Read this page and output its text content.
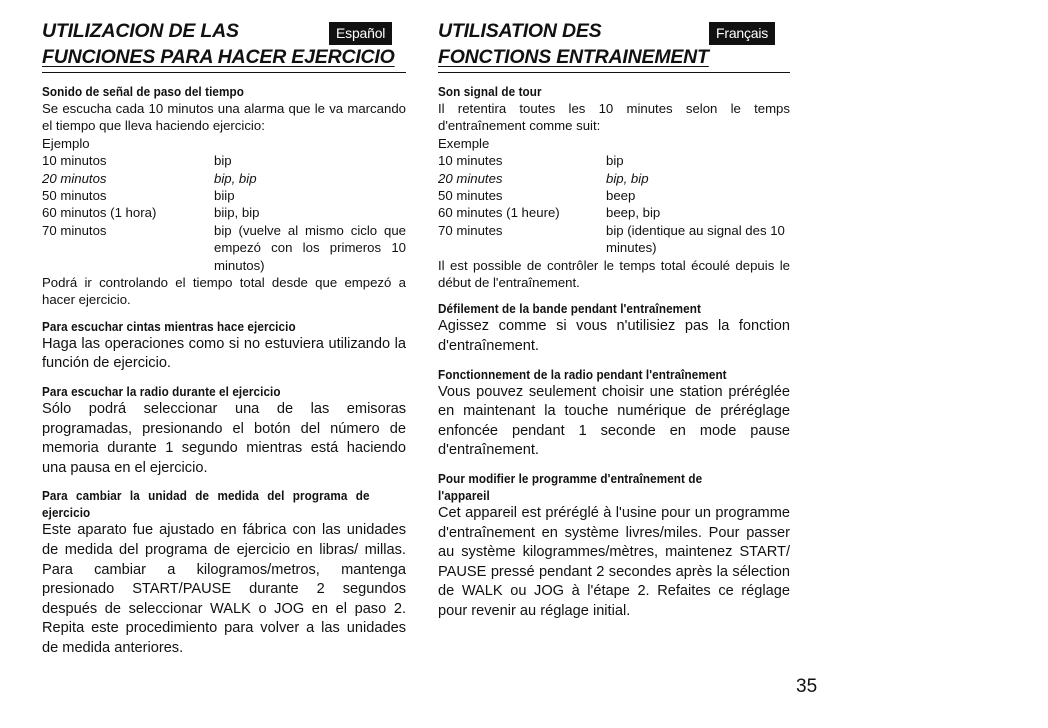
UTILIZACION DE LAS	Español
FUNCIONES PARA HACER EJERCICIO
Sonido de señal de paso del tiempo

Se escucha cada 10 minutos una alarma que le va marcando el tiempo que lleva haciendo ejercicio:

Ejemplo

10 minutos	bip
20 minutos	bip, bip
50 minutos	biip
60 minutos (1 hora)	biip, bip
70 minutos	bip (vuelve al mismo ciclo que empezó con los primeros 10 minutos)

Podrá ir controlando el tiempo total desde que empezó a hacer ejercicio.

Para escuchar cintas mientras hace ejercicio

Haga las operaciones como si no estuviera utilizando la función de ejercicio.

Para escuchar la radio durante el ejercicio

Sólo podrá seleccionar una de las emisoras programadas, presionando el botón del número de memoria durante 1 segundo mientras está haciendo una pausa en el ejercicio.

Para cambiar la unidad de medida del programa de ejercicio

Este aparato fue ajustado en fábrica con las unidades de medida del programa de ejercicio en libras/ millas. Para cambiar a kilogramos/metros, mantenga presionado START/PAUSE durante 2 segundos después de seleccionar WALK o JOG en el paso 2. Repita este procedimiento para volver a las unidades de medida anteriores.

UTILISATION DES	Français
FONCTIONS ENTRAINEMENT
Son signal de tour

Il retentira toutes les 10 minutes selon le temps d'entraînement comme suit:

Exemple

10 minutes	bip
20 minutes	bip, bip
50 minutes	beep
60 minutes (1 heure)	beep, bip
70 minutes	bip (identique au signal des 10 minutes)

Il est possible de contrôler le temps total écoulé depuis le début de l'entraînement.

Défilement de la bande pendant l'entraînement

Agissez comme si vous n'utilisiez pas la fonction d'entraînement.

Fonctionnement de la radio pendant l'entraînement

Vous pouvez seulement choisir une station préréglée en maintenant la touche numérique de préréglage enfoncée pendant 1 seconde en mode pause d'entraînement.

Pour modifier le programme d'entraînement de l'appareil

Cet appareil est préréglé à l'usine pour un programme d'entraînement en système livres/miles. Pour passer au système kilogrammes/mètres, maintenez START/ PAUSE pressé pendant 2 secondes après la sélection de WALK ou JOG à l'étape 2. Refaites ce réglage pour revenir au réglage initial.

35
